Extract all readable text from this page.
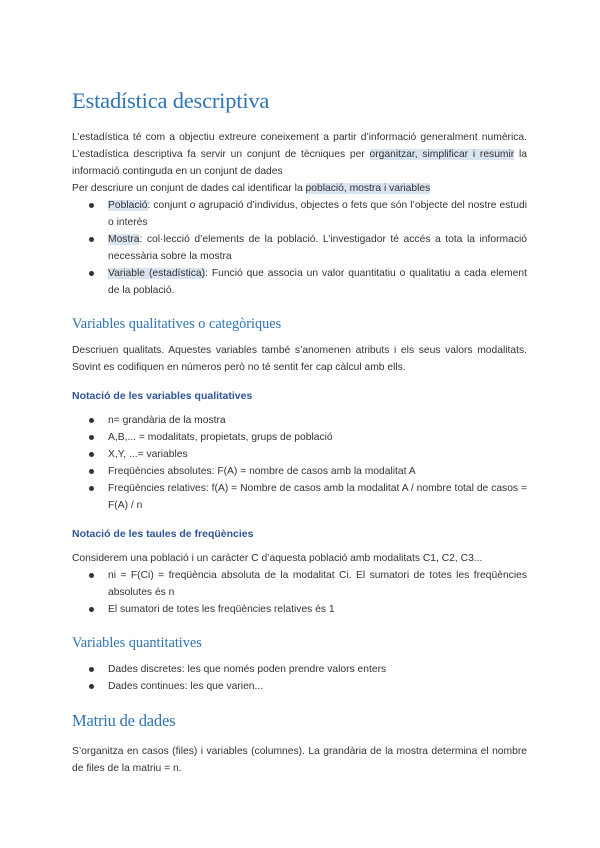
Estadística descriptiva

L’estadística té com a objectiu extreure coneixement a partir d’informació generalment numèrica. L’estadística descriptiva fa servir un conjunt de tècniques per organitzar, simplificar i resumir la informació continguda en un conjunt de dades

Per descriure un conjunt de dades cal identificar la població, mostra i variables

Població: conjunt o agrupació d’individus, objectes o fets que són l’objecte del nostre estudi o interès
Mostra: col·lecció d’elements de la població. L’investigador té accés a tota la informació necessària sobre la mostra
Variable (estadística): Funció que associa un valor quantitatiu o qualitatiu a cada element de la població.
Variables qualitatives o categòriques

Descriuen qualitats. Aquestes variables també s’anomenen atributs i els seus valors modalitats. Sovint es codifiquen en números però no té sentit fer cap càlcul amb ells.

Notació de les variables qualitatives
n= grandària de la mostra
A,B,... = modalitats, propietats, grups de població
X,Y, ...= variables
Freqüències absolutes: F(A) = nombre de casos amb la modalitat A
Freqüències relatives: f(A) = Nombre de casos amb la modalitat A / nombre total de casos = F(A) / n
Notació de les taules de freqüències

Considerem una població i un caràcter C d’aquesta població amb modalitats C1, C2, C3...

ni = F(Ci) = freqüència absoluta de la modalitat Ci. El sumatori de totes les freqüències absolutes és n
El sumatori de totes les freqüències relatives és 1
Variables quantitatives
Dades discretes: les que només poden prendre valors enters
Dades continues: les que varien...
Matriu de dades

S’organitza en casos (files) i variables (columnes). La grandària de la mostra determina el nombre de files de la matriu = n.
